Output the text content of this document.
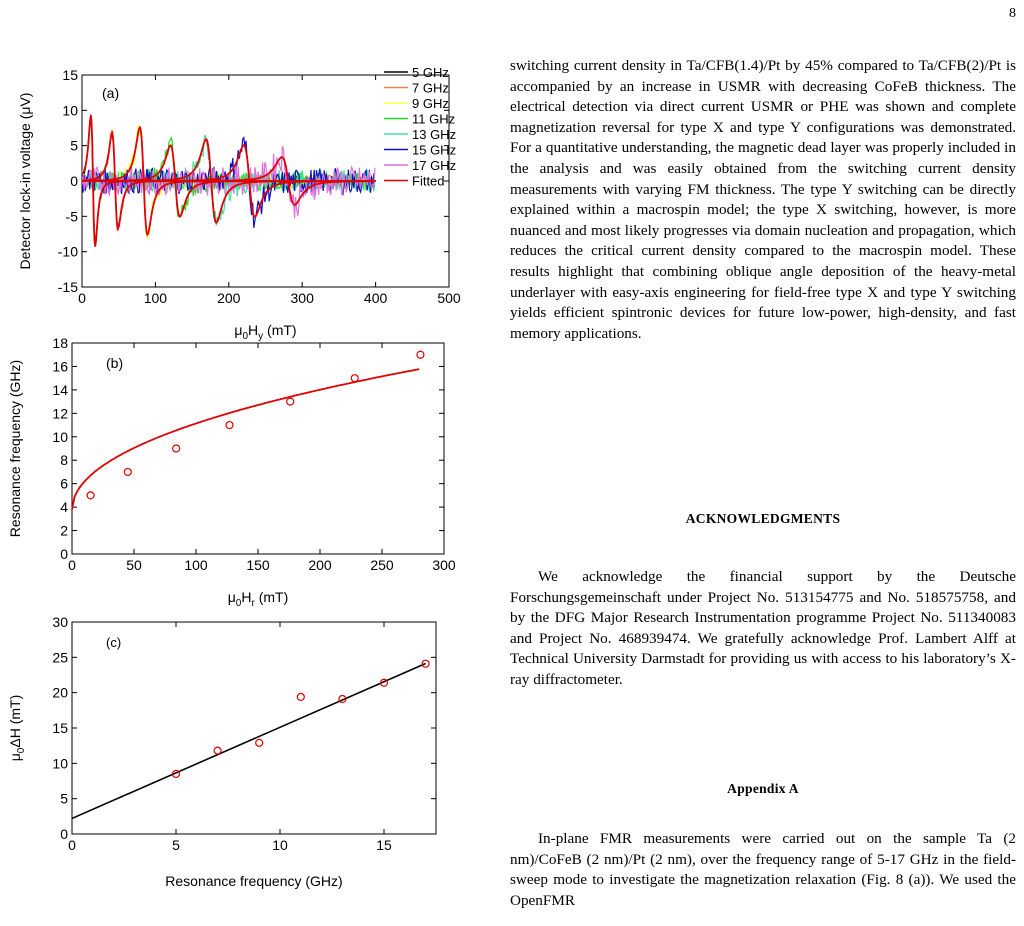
8
0	100	200	300	400	500
-15
-10
-5
0
5
10
15
(a)
$\mu_0H_y$ (mT)
Detector lock-in voltage (μV)
5 GHz
7 GHz
9 GHz
11 GHz
13 GHz
15 GHz
17 GHz
Fitted
0	50	100	150	200	250	300
0
2
4
6
8
10
12
14
16
18
(b)
$\mu_0H_r$ (mT)
Resonance frequency (GHz)
0	5	10	15
0
5
10
15
20
25
30
(c)
Resonance frequency (GHz)
$\mu_0\Delta H$ (mT)

switching current density in Ta/CFB(1.4)/Pt by 45% compared to Ta/CFB(2)/Pt is accompanied by an increase in USMR with decreasing CoFeB thickness. The electrical detection via direct current USMR or PHE was shown and complete magnetization reversal for type X and type Y configurations was demonstrated. For a quantitative understanding, the magnetic dead layer was properly included in the analysis and was easily obtained from the switching current density measurements with varying FM thickness. The type Y switching can be directly explained within a macrospin model; the type X switching, however, is more nuanced and most likely progresses via domain nucleation and propagation, which reduces the critical current density compared to the macrospin model. These results highlight that combining oblique angle deposition of the heavy-metal underlayer with easy-axis engineering for field-free type X and type Y switching yields efficient spintronic devices for future low-power, high-density, and fast memory applications.

ACKNOWLEDGMENTS

We acknowledge the financial support by the Deutsche Forschungsgemeinschaft under Project No. 513154775 and No. 518575758, and by the DFG Major Research Instrumentation programme Project No. 511340083 and Project No. 468939474. We gratefully acknowledge Prof. Lambert Alff at Technical University Darmstadt for providing us with access to his laboratory’s X-ray diffractometer.

Appendix A

In-plane FMR measurements were carried out on the sample Ta (2 nm)/CoFeB (2 nm)/Pt (2 nm), over the frequency range of 5-17 GHz in the field-sweep mode to investigate the magnetization relaxation (Fig. 8 (a)). We used the OpenFMR
